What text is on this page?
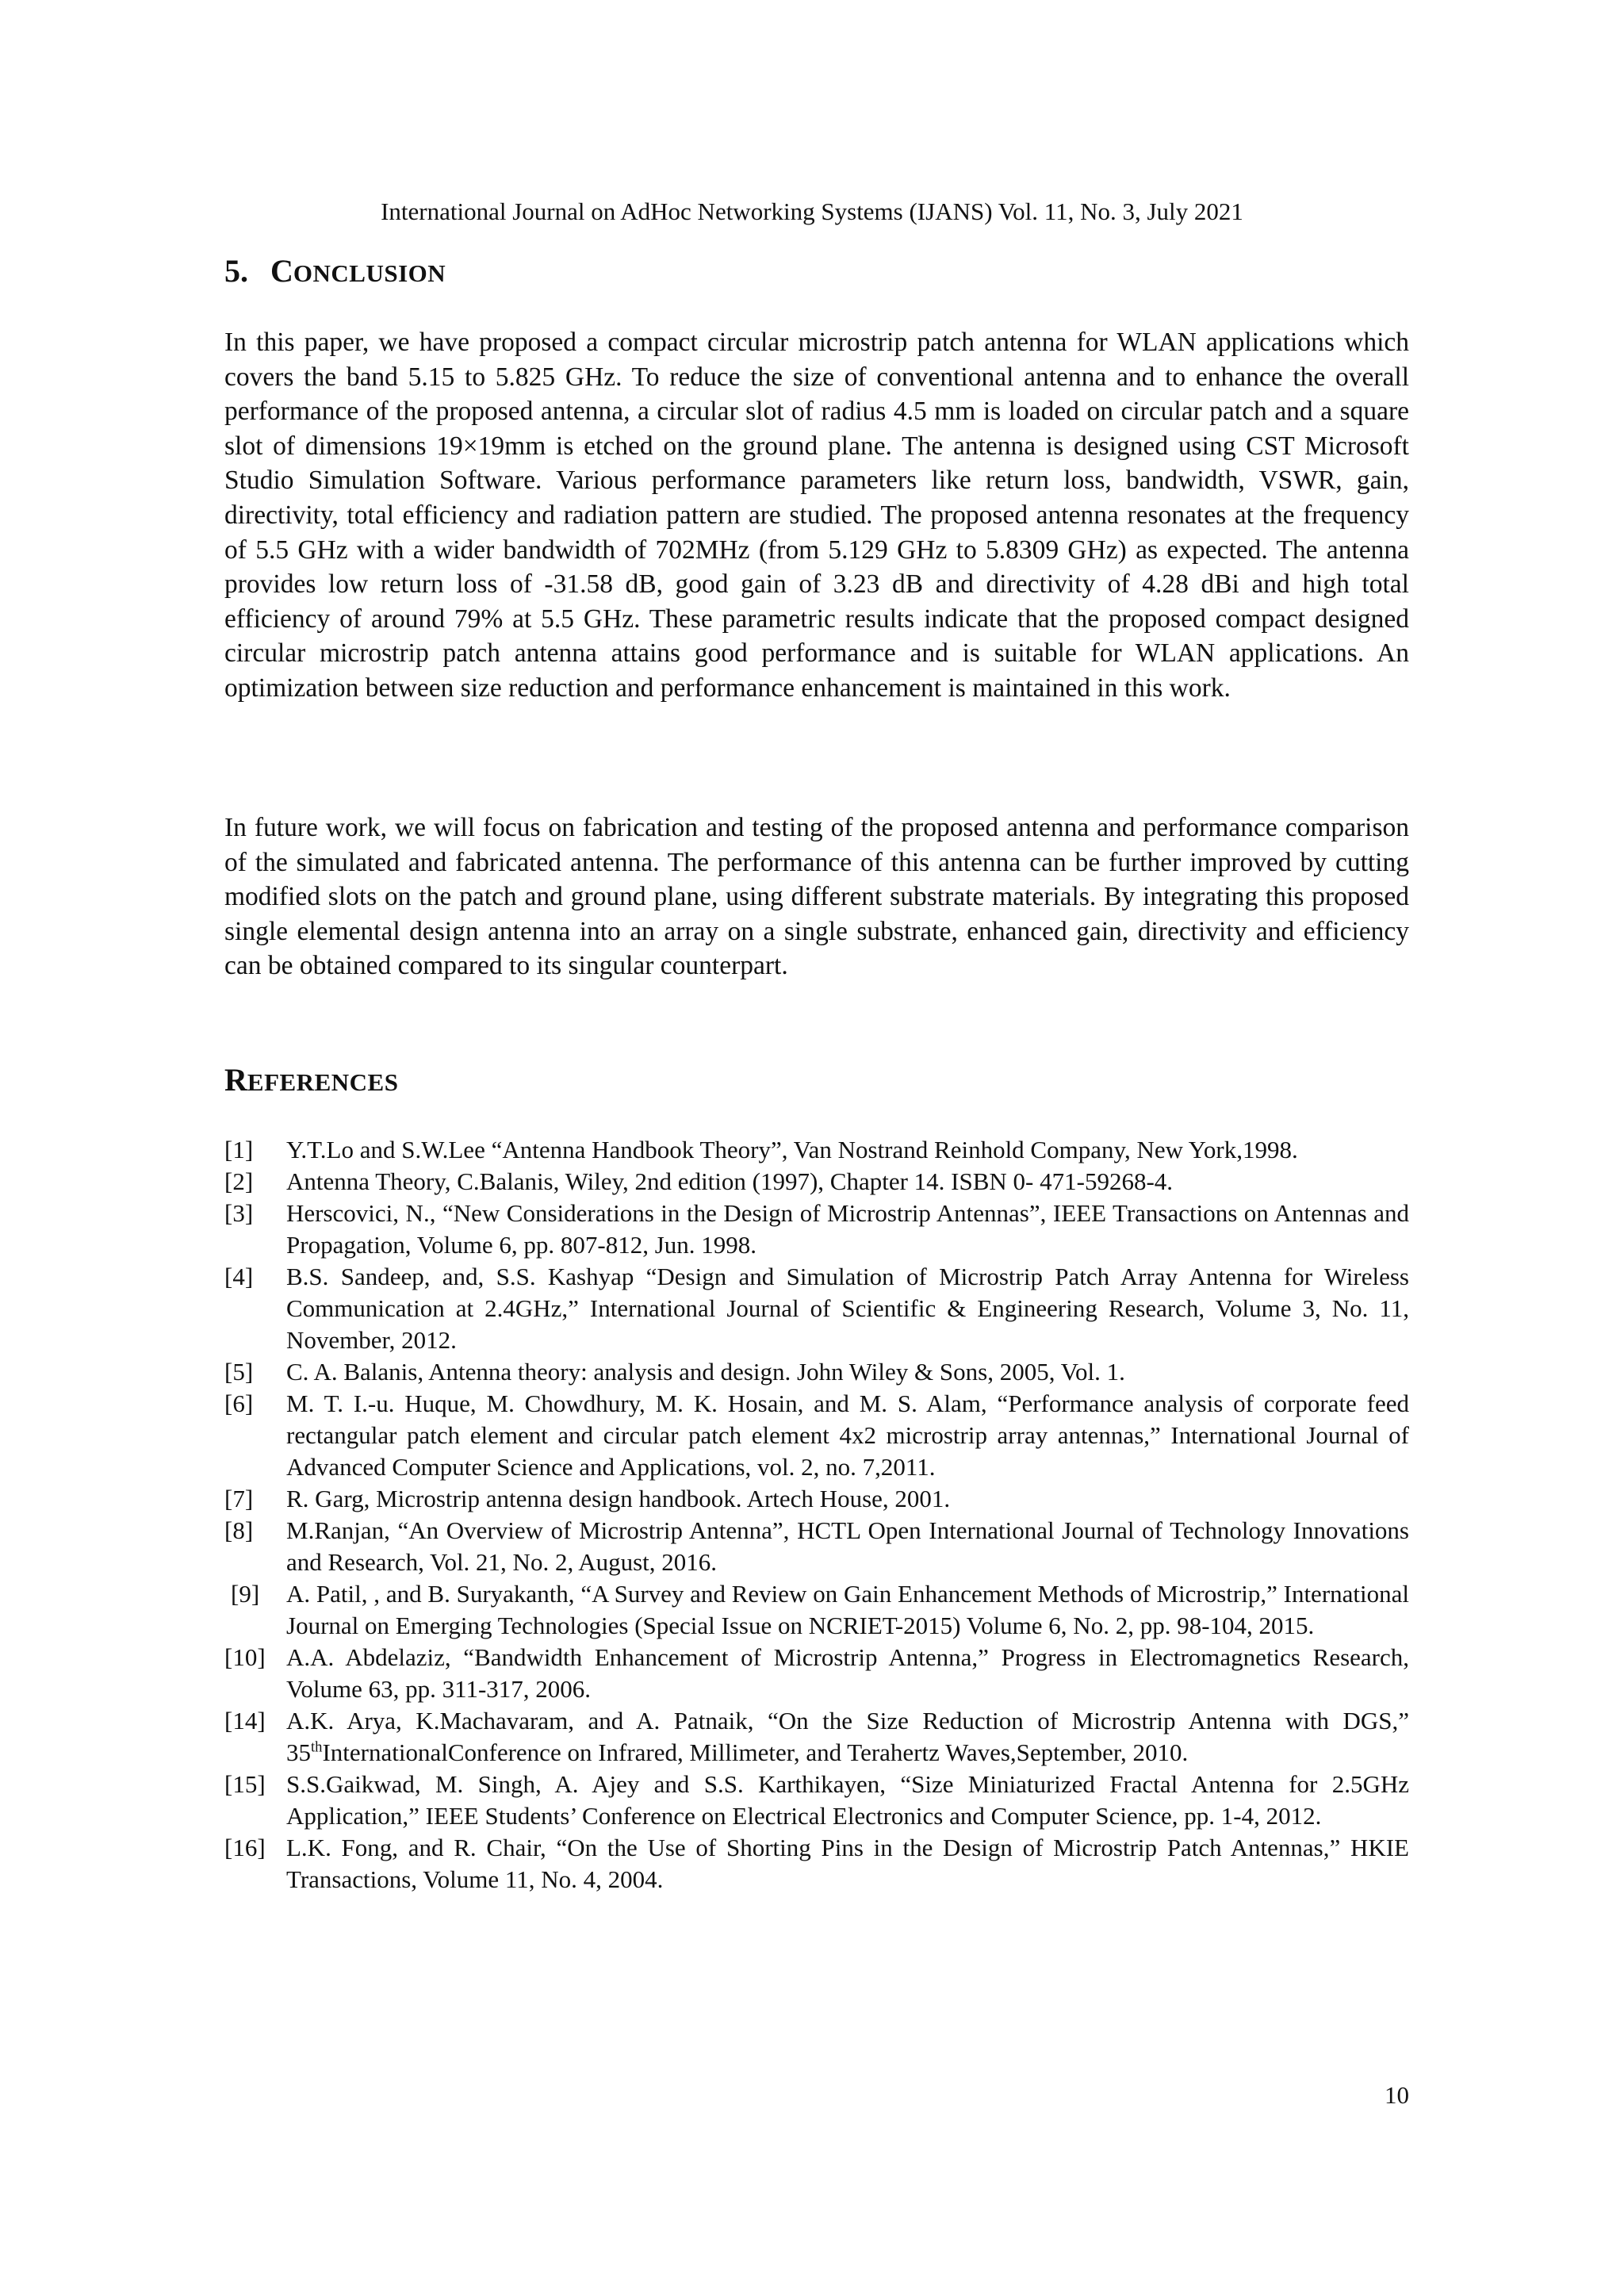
International Journal on AdHoc Networking Systems (IJANS) Vol. 11, No. 3, July 2021
5. CONCLUSION

In this paper, we have proposed a compact circular microstrip patch antenna for WLAN applications which covers the band 5.15 to 5.825 GHz. To reduce the size of conventional antenna and to enhance the overall performance of the proposed antenna, a circular slot of radius 4.5 mm is loaded on circular patch and a square slot of dimensions 19×19mm is etched on the ground plane. The antenna is designed using CST Microsoft Studio Simulation Software. Various performance parameters like return loss, bandwidth, VSWR, gain, directivity, total efficiency and radiation pattern are studied. The proposed antenna resonates at the frequency of 5.5 GHz with a wider bandwidth of 702MHz (from 5.129 GHz to 5.8309 GHz) as expected. The antenna provides low return loss of -31.58 dB, good gain of 3.23 dB and directivity of 4.28 dBi and high total efficiency of around 79% at 5.5 GHz. These parametric results indicate that the proposed compact designed circular microstrip patch antenna attains good performance and is suitable for WLAN applications. An optimization between size reduction and performance enhancement is maintained in this work.

In future work, we will focus on fabrication and testing of the proposed antenna and performance comparison of the simulated and fabricated antenna. The performance of this antenna can be further improved by cutting modified slots on the patch and ground plane, using different substrate materials. By integrating this proposed single elemental design antenna into an array on a single substrate, enhanced gain, directivity and efficiency can be obtained compared to its singular counterpart.

REFERENCES
[1] Y.T.Lo and S.W.Lee “Antenna Handbook Theory”, Van Nostrand Reinhold Company, New York,1998.
[2] Antenna Theory, C.Balanis, Wiley, 2nd edition (1997), Chapter 14. ISBN 0- 471-59268-4.
[3] Herscovici, N., “New Considerations in the Design of Microstrip Antennas”, IEEE Transactions on Antennas and Propagation, Volume 6, pp. 807-812, Jun. 1998.
[4] B.S. Sandeep, and, S.S. Kashyap “Design and Simulation of Microstrip Patch Array Antenna for Wireless Communication at 2.4GHz,” International Journal of Scientific & Engineering Research, Volume 3, No. 11, November, 2012.
[5] C. A. Balanis, Antenna theory: analysis and design. John Wiley & Sons, 2005, Vol. 1.
[6] M. T. I.-u. Huque, M. Chowdhury, M. K. Hosain, and M. S. Alam, “Performance analysis of corporate feed rectangular patch element and circular patch element 4x2 microstrip array antennas,” International Journal of Advanced Computer Science and Applications, vol. 2, no. 7,2011.
[7] R. Garg, Microstrip antenna design handbook. Artech House, 2001.
[8] M.Ranjan, “An Overview of Microstrip Antenna”, HCTL Open International Journal of Technology Innovations and Research, Vol. 21, No. 2, August, 2016.
[9] A. Patil, , and B. Suryakanth, “A Survey and Review on Gain Enhancement Methods of Microstrip,” International Journal on Emerging Technologies (Special Issue on NCRIET-2015) Volume 6, No. 2, pp. 98-104, 2015.
[10] A.A. Abdelaziz, “Bandwidth Enhancement of Microstrip Antenna,” Progress in Electromagnetics Research, Volume 63, pp. 311-317, 2006.
[14] A.K. Arya, K.Machavaram, and A. Patnaik, “On the Size Reduction of Microstrip Antenna with DGS,” 35thInternationalConference on Infrared, Millimeter, and Terahertz Waves,September, 2010.
[15] S.S.Gaikwad, M. Singh, A. Ajey and S.S. Karthikayen, “Size Miniaturized Fractal Antenna for 2.5GHz Application,” IEEE Students’ Conference on Electrical Electronics and Computer Science, pp. 1-4, 2012.
[16] L.K. Fong, and R. Chair, “On the Use of Shorting Pins in the Design of Microstrip Patch Antennas,” HKIE Transactions, Volume 11, No. 4, 2004.
10
